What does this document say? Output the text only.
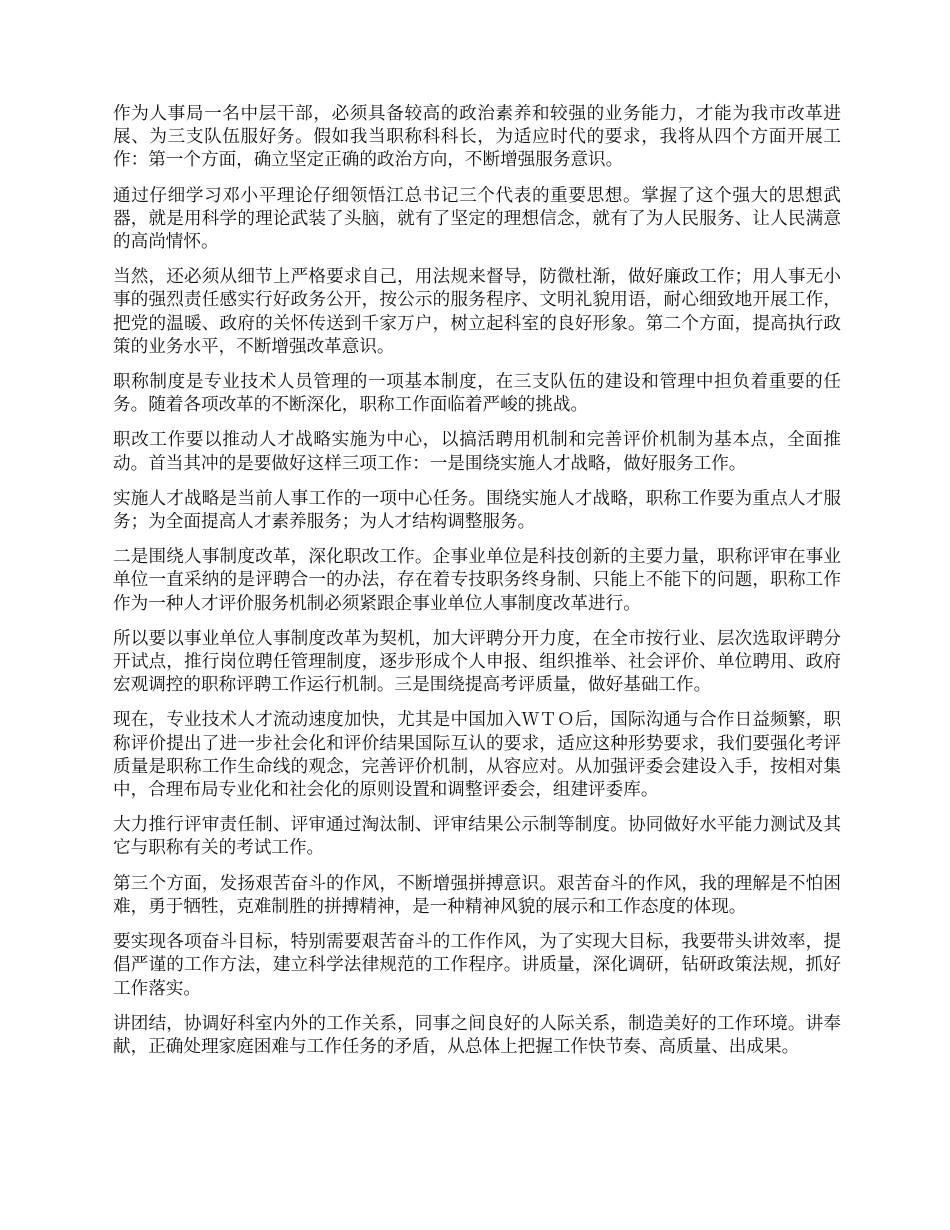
作为人事局一名中层干部，必须具备较高的政治素养和较强的业务能力，才能为我市改革进展、为三支队伍服好务。假如我当职称科科长，为适应时代的要求，我将从四个方面开展工作：第一个方面，确立坚定正确的政治方向，不断增强服务意识。

通过仔细学习邓小平理论仔细领悟江总书记三个代表的重要思想。掌握了这个强大的思想武器，就是用科学的理论武装了头脑，就有了坚定的理想信念，就有了为人民服务、让人民满意的高尚情怀。

当然，还必须从细节上严格要求自己，用法规来督导，防微杜渐，做好廉政工作；用人事无小事的强烈责任感实行好政务公开，按公示的服务程序、文明礼貌用语，耐心细致地开展工作，把党的温暖、政府的关怀传送到千家万户，树立起科室的良好形象。第二个方面，提高执行政策的业务水平，不断增强改革意识。

职称制度是专业技术人员管理的一项基本制度，在三支队伍的建设和管理中担负着重要的任务。随着各项改革的不断深化，职称工作面临着严峻的挑战。

职改工作要以推动人才战略实施为中心，以搞活聘用机制和完善评价机制为基本点，全面推动。首当其冲的是要做好这样三项工作：一是围绕实施人才战略，做好服务工作。

实施人才战略是当前人事工作的一项中心任务。围绕实施人才战略，职称工作要为重点人才服务；为全面提高人才素养服务；为人才结构调整服务。

二是围绕人事制度改革，深化职改工作。企事业单位是科技创新的主要力量，职称评审在事业单位一直采纳的是评聘合一的办法，存在着专技职务终身制、只能上不能下的问题，职称工作作为一种人才评价服务机制必须紧跟企事业单位人事制度改革进行。

所以要以事业单位人事制度改革为契机，加大评聘分开力度，在全市按行业、层次选取评聘分开试点，推行岗位聘任管理制度，逐步形成个人申报、组织推举、社会评价、单位聘用、政府宏观调控的职称评聘工作运行机制。三是围绕提高考评质量，做好基础工作。

现在，专业技术人才流动速度加快，尤其是中国加入ＷＴＯ后，国际沟通与合作日益频繁，职称评价提出了进一步社会化和评价结果国际互认的要求，适应这种形势要求，我们要强化考评质量是职称工作生命线的观念，完善评价机制，从容应对。从加强评委会建设入手，按相对集中，合理布局专业化和社会化的原则设置和调整评委会，组建评委库。

大力推行评审责任制、评审通过淘汰制、评审结果公示制等制度。协同做好水平能力测试及其它与职称有关的考试工作。

第三个方面，发扬艰苦奋斗的作风，不断增强拼搏意识。艰苦奋斗的作风，我的理解是不怕困难，勇于牺牲，克难制胜的拼搏精神，是一种精神风貌的展示和工作态度的体现。

要实现各项奋斗目标，特别需要艰苦奋斗的工作作风，为了实现大目标，我要带头讲效率，提倡严谨的工作方法，建立科学法律规范的工作程序。讲质量，深化调研，钻研政策法规，抓好工作落实。

讲团结，协调好科室内外的工作关系，同事之间良好的人际关系，制造美好的工作环境。讲奉献，正确处理家庭困难与工作任务的矛盾，从总体上把握工作快节奏、高质量、出成果。
